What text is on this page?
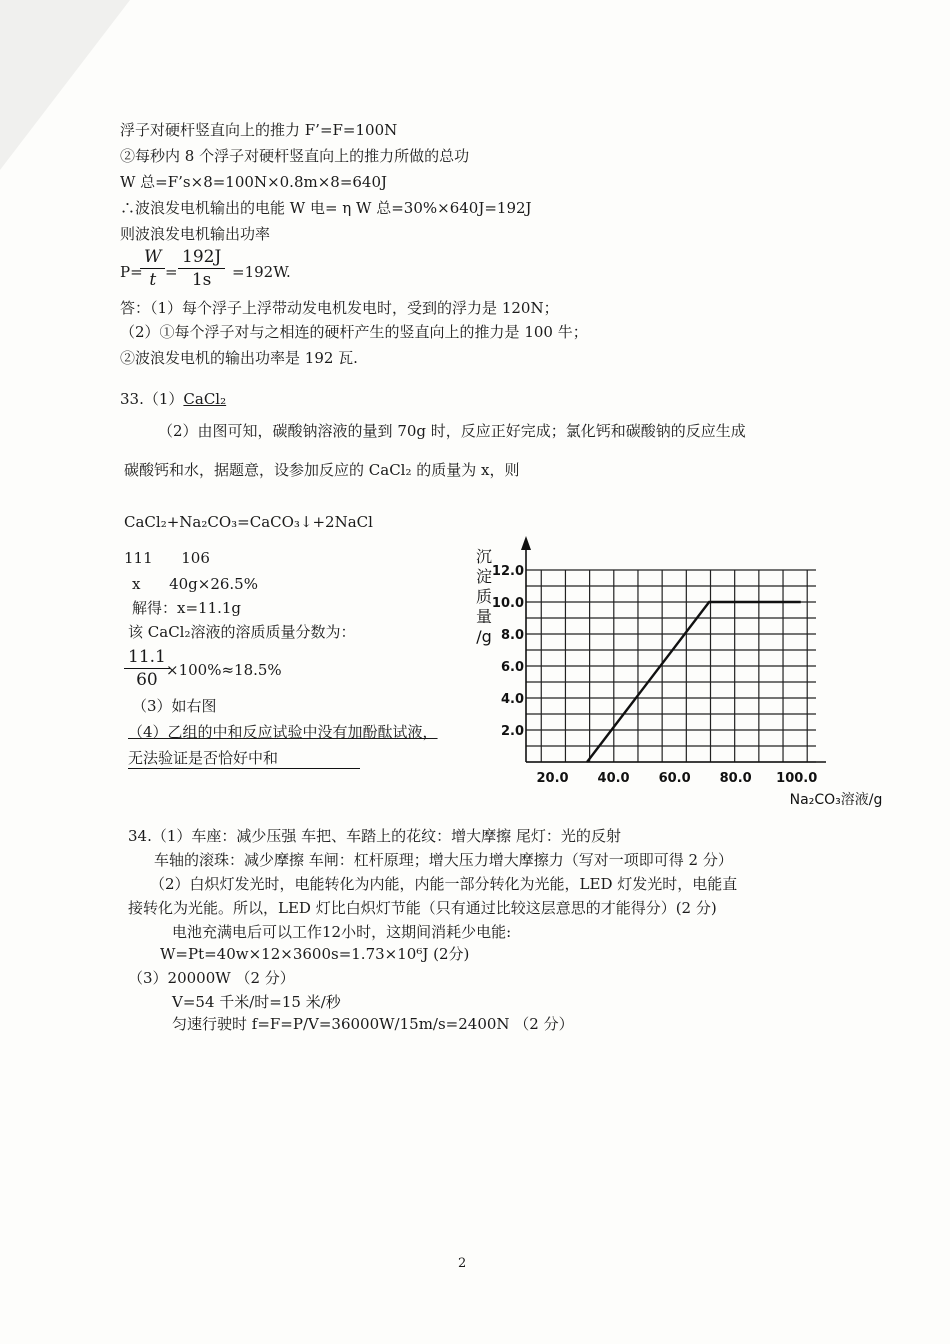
浮子对硬杆竖直向上的推力 F’=F=100N
②每秒内 8 个浮子对硬杆竖直向上的推力所做的总功
W 总=F’s×8=100N×0.8m×8=640J
∴波浪发电机输出的电能 W 电= η W 总=30%×640J=192J
则波浪发电机输出功率
P=
$\frac{W}{t} = \frac{192J}{1s} =192W$.
答：（1）每个浮子上浮带动发电机发电时，受到的浮力是 120N；
（2）①每个浮子对与之相连的硬杆产生的竖直向上的推力是 100 牛；
②波浪发电机的输出功率是 192 瓦.
33.（1）CaCl₂
（2）由图可知，碳酸钠溶液的量到 70g 时，反应正好完成；氯化钙和碳酸钠的反应生成
碳酸钙和水，据题意，设参加反应的 CaCl₂ 的质量为 x，则
CaCl₂+Na₂CO₃=CaCO₃↓+2NaCl
111      106
x      40g×26.5%
解得：x=11.1g
该 CaCl₂溶液的溶质质量分数为：
$\frac{11.1}{60}$
×100%≈18.5%
（3）如右图
（4）乙组的中和反应试验中没有加酚酞试液，
无法验证是否恰好中和
20.0 40.0 60.0 80.0 100.0
2.0
4.0
6.0
8.0
10.0
12.0
沉
淀
质
量
/g
Na₂CO₃溶液/g
34.（1）车座：减少压强 车把、车踏上的花纹：增大摩擦 尾灯：光的反射
车轴的滚珠：减少摩擦 车闸：杠杆原理；增大压力增大摩擦力（写对一项即可得 2 分）
（2）白炽灯发光时，电能转化为内能，内能一部分转化为光能，LED 灯发光时，电能直
接转化为光能。所以，LED 灯比白炽灯节能（只有通过比较这层意思的才能得分）(2 分)
电池充满电后可以工作12小时，这期间消耗少电能:
W=Pt=40w×12×3600s=1.73×10⁶J (2分)
（3）20000W （2 分）
V=54 千米/时=15 米/秒
匀速行驶时 f=F=P/V=36000W/15m/s=2400N （2 分）
2
